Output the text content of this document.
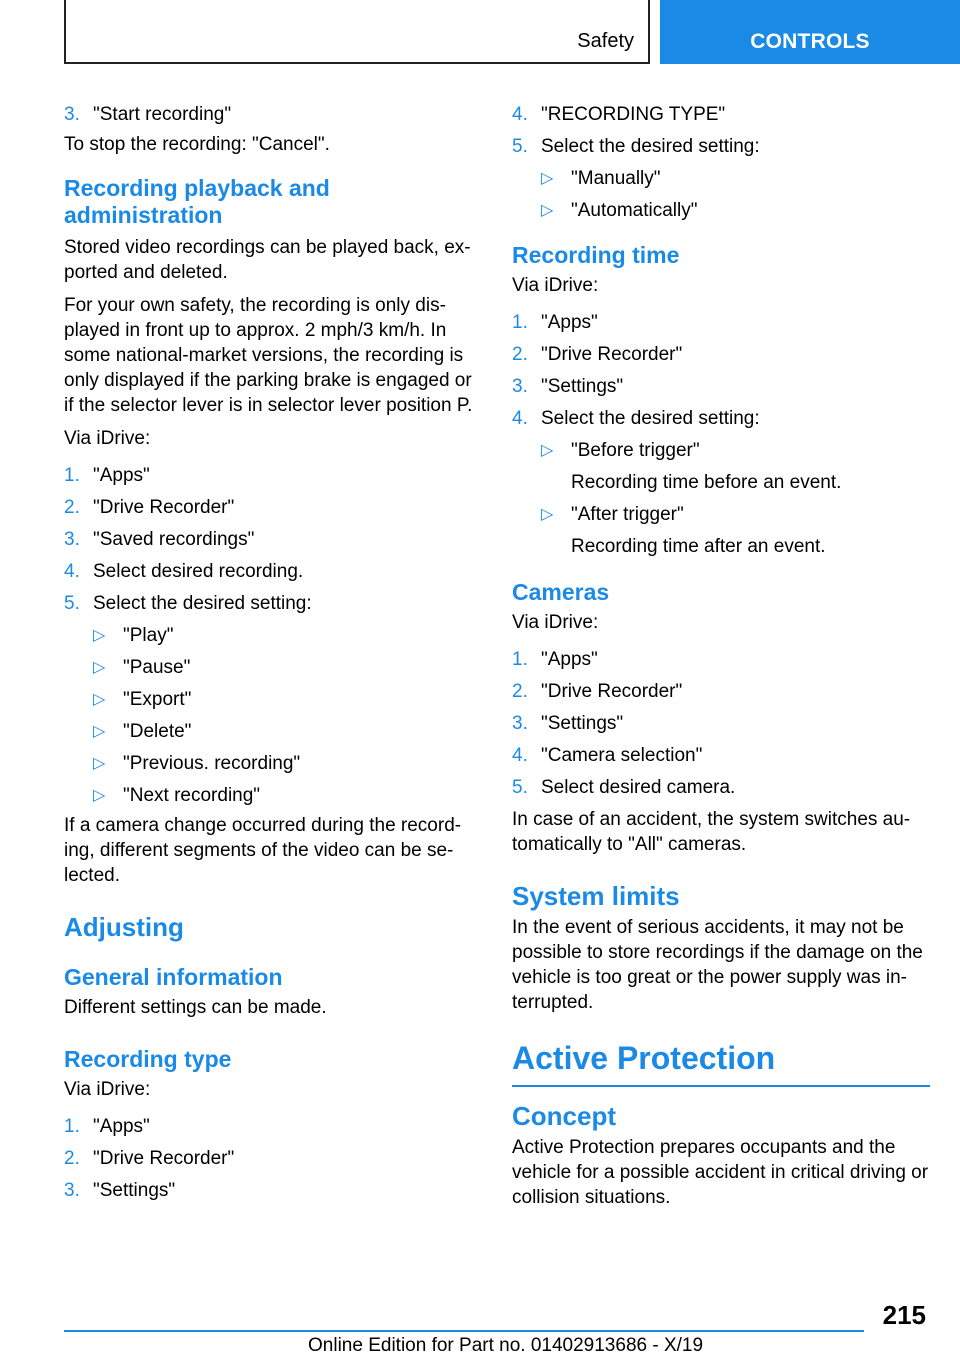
Safety	CONTROLS
3. "Start recording"

To stop the recording: "Cancel".

Recording playback and administration

Stored video recordings can be played back, ex-ported and deleted.

For your own safety, the recording is only dis-played in front up to approx. 2 mph/3 km/h. In some national-market versions, the recording is only displayed if the parking brake is engaged or if the selector lever is in selector lever position P.

Via iDrive:

1. "Apps"
2. "Drive Recorder"
3. "Saved recordings"
4. Select desired recording.
5. Select the desired setting:
▷ "Play"
▷ "Pause"
▷ "Export"
▷ "Delete"
▷ "Previous. recording"
▷ "Next recording"

If a camera change occurred during the record-ing, different segments of the video can be se-lected.

Adjusting
General information

Different settings can be made.

Recording type

Via iDrive:

1. "Apps"
2. "Drive Recorder"
3. "Settings"
4. "RECORDING TYPE"
5. Select the desired setting:
▷ "Manually"
▷ "Automatically"
Recording time

Via iDrive:

1. "Apps"
2. "Drive Recorder"
3. "Settings"
4. Select the desired setting:
▷ "Before trigger"
Recording time before an event.
▷ "After trigger"
Recording time after an event.
Cameras

Via iDrive:

1. "Apps"
2. "Drive Recorder"
3. "Settings"
4. "Camera selection"
5. Select desired camera.

In case of an accident, the system switches au-tomatically to "All" cameras.

System limits

In the event of serious accidents, it may not be possible to store recordings if the damage on the vehicle is too great or the power supply was in-terrupted.

Active Protection
Concept

Active Protection prepares occupants and the vehicle for a possible accident in critical driving or collision situations.

215
Online Edition for Part no. 01402913686 - X/19
